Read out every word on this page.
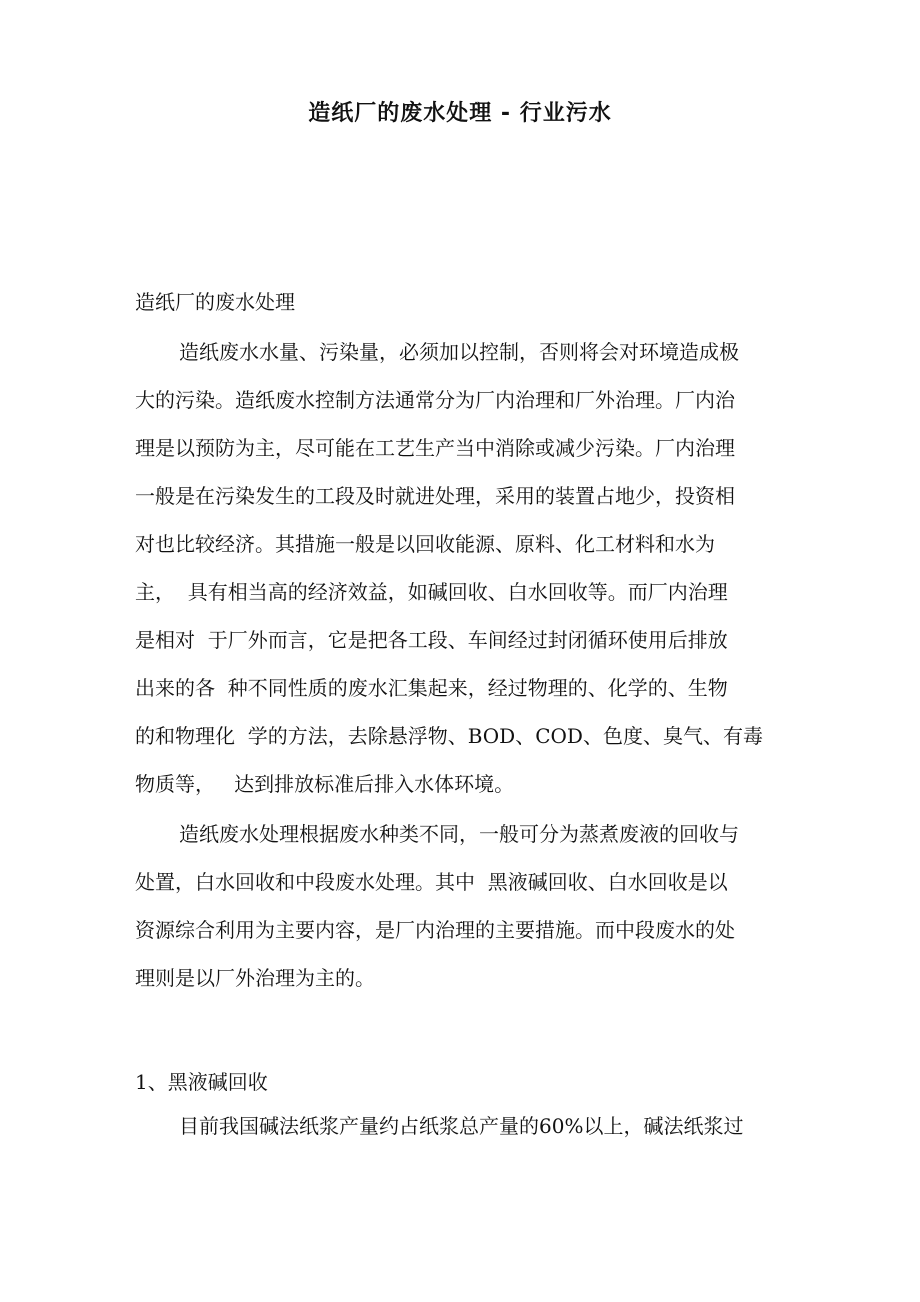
造纸厂的废水处理 - 行业污水
造纸厂的废水处理
造纸废水水量、污染量，必须加以控制，否则将会对环境造成极
大的污染。造纸废水控制方法通常分为厂内治理和厂外治理。厂内治
理是以预防为主，尽可能在工艺生产当中消除或减少污染。厂内治理
一般是在污染发生的工段及时就进处理，采用的装置占地少，投资相
对也比较经济。其措施一般是以回收能源、原料、化工材料和水为
主，  具有相当高的经济效益，如碱回收、白水回收等。而厂内治理
是相对  于厂外而言，它是把各工段、车间经过封闭循环使用后排放
出来的各  种不同性质的废水汇集起来，经过物理的、化学的、生物
的和物理化  学的方法，去除悬浮物、BOD、COD、色度、臭气、有毒
物质等，   达到排放标准后排入水体环境。
造纸废水处理根据废水种类不同，一般可分为蒸煮废液的回收与
处置，白水回收和中段废水处理。其中  黑液碱回收、白水回收是以
资源综合利用为主要内容，是厂内治理的主要措施。而中段废水的处
理则是以厂外治理为主的。
1、黑液碱回收
目前我国碱法纸浆产量约占纸浆总产量的60%以上，碱法纸浆过
